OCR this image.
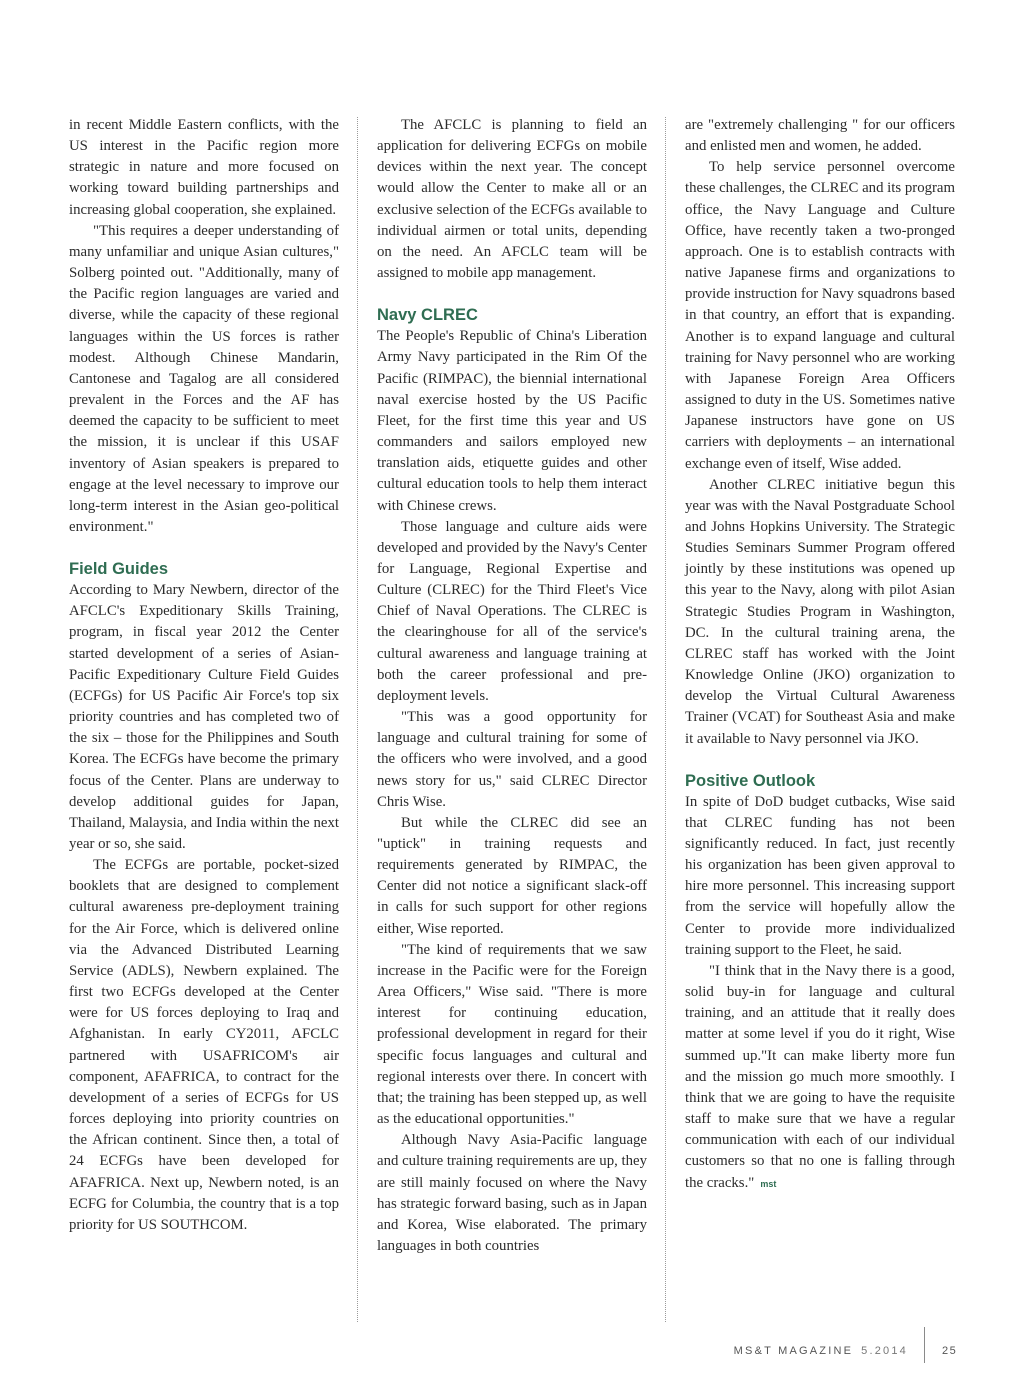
in recent Middle Eastern conflicts, with the US interest in the Pacific region more strategic in nature and more focused on working toward building partnerships and increasing global cooperation, she explained.

"This requires a deeper understanding of many unfamiliar and unique Asian cultures," Solberg pointed out. "Additionally, many of the Pacific region languages are varied and diverse, while the capacity of these regional languages within the US forces is rather modest. Although Chinese Mandarin, Cantonese and Tagalog are all considered prevalent in the Forces and the AF has deemed the capacity to be sufficient to meet the mission, it is unclear if this USAF inventory of Asian speakers is prepared to engage at the level necessary to improve our long-term interest in the Asian geo-political environment."

Field Guides

According to Mary Newbern, director of the AFCLC's Expeditionary Skills Training, program, in fiscal year 2012 the Center started development of a series of Asian-Pacific Expeditionary Culture Field Guides (ECFGs) for US Pacific Air Force's top six priority countries and has completed two of the six – those for the Philippines and South Korea. The ECFGs have become the primary focus of the Center. Plans are underway to develop additional guides for Japan, Thailand, Malaysia, and India within the next year or so, she said.

The ECFGs are portable, pocket-sized booklets that are designed to complement cultural awareness pre-deployment training for the Air Force, which is delivered online via the Advanced Distributed Learning Service (ADLS), Newbern explained. The first two ECFGs developed at the Center were for US forces deploying to Iraq and Afghanistan. In early CY2011, AFCLC partnered with USAFRICOM's air component, AFAFRICA, to contract for the development of a series of ECFGs for US forces deploying into priority countries on the African continent. Since then, a total of 24 ECFGs have been developed for AFAFRICA. Next up, Newbern noted, is an ECFG for Columbia, the country that is a top priority for US SOUTHCOM.

The AFCLC is planning to field an application for delivering ECFGs on mobile devices within the next year. The concept would allow the Center to make all or an exclusive selection of the ECFGs available to individual airmen or total units, depending on the need. An AFCLC team will be assigned to mobile app management.

Navy CLREC

The People's Republic of China's Liberation Army Navy participated in the Rim Of the Pacific (RIMPAC), the biennial international naval exercise hosted by the US Pacific Fleet, for the first time this year and US commanders and sailors employed new translation aids, etiquette guides and other cultural education tools to help them interact with Chinese crews.

Those language and culture aids were developed and provided by the Navy's Center for Language, Regional Expertise and Culture (CLREC) for the Third Fleet's Vice Chief of Naval Operations. The CLREC is the clearinghouse for all of the service's cultural awareness and language training at both the career professional and pre-deployment levels.

"This was a good opportunity for language and cultural training for some of the officers who were involved, and a good news story for us," said CLREC Director Chris Wise.

But while the CLREC did see an "uptick" in training requests and requirements generated by RIMPAC, the Center did not notice a significant slack-off in calls for such support for other regions either, Wise reported.

"The kind of requirements that we saw increase in the Pacific were for the Foreign Area Officers," Wise said. "There is more interest for continuing education, professional development in regard for their specific focus languages and cultural and regional interests over there. In concert with that; the training has been stepped up, as well as the educational opportunities."

Although Navy Asia-Pacific language and culture training requirements are up, they are still mainly focused on where the Navy has strategic forward basing, such as in Japan and Korea, Wise elaborated. The primary languages in both countries

are "extremely challenging " for our officers and enlisted men and women, he added.

To help service personnel overcome these challenges, the CLREC and its program office, the Navy Language and Culture Office, have recently taken a two-pronged approach. One is to establish contracts with native Japanese firms and organizations to provide instruction for Navy squadrons based in that country, an effort that is expanding. Another is to expand language and cultural training for Navy personnel who are working with Japanese Foreign Area Officers assigned to duty in the US. Sometimes native Japanese instructors have gone on US carriers with deployments – an international exchange even of itself, Wise added.

Another CLREC initiative begun this year was with the Naval Postgraduate School and Johns Hopkins University. The Strategic Studies Seminars Summer Program offered jointly by these institutions was opened up this year to the Navy, along with pilot Asian Strategic Studies Program in Washington, DC. In the cultural training arena, the CLREC staff has worked with the Joint Knowledge Online (JKO) organization to develop the Virtual Cultural Awareness Trainer (VCAT) for Southeast Asia and make it available to Navy personnel via JKO.

Positive Outlook

In spite of DoD budget cutbacks, Wise said that CLREC funding has not been significantly reduced. In fact, just recently his organization has been given approval to hire more personnel. This increasing support from the service will hopefully allow the Center to provide more individualized training support to the Fleet, he said.

"I think that in the Navy there is a good, solid buy-in for language and cultural training, and an attitude that it really does matter at some level if you do it right, Wise summed up."It can make liberty more fun and the mission go much more smoothly. I think that we are going to have the requisite staff to make sure that we have a regular communication with each of our individual customers so that no one is falling through the cracks." mst

MS&T MAGAZINE 5.2014	25
